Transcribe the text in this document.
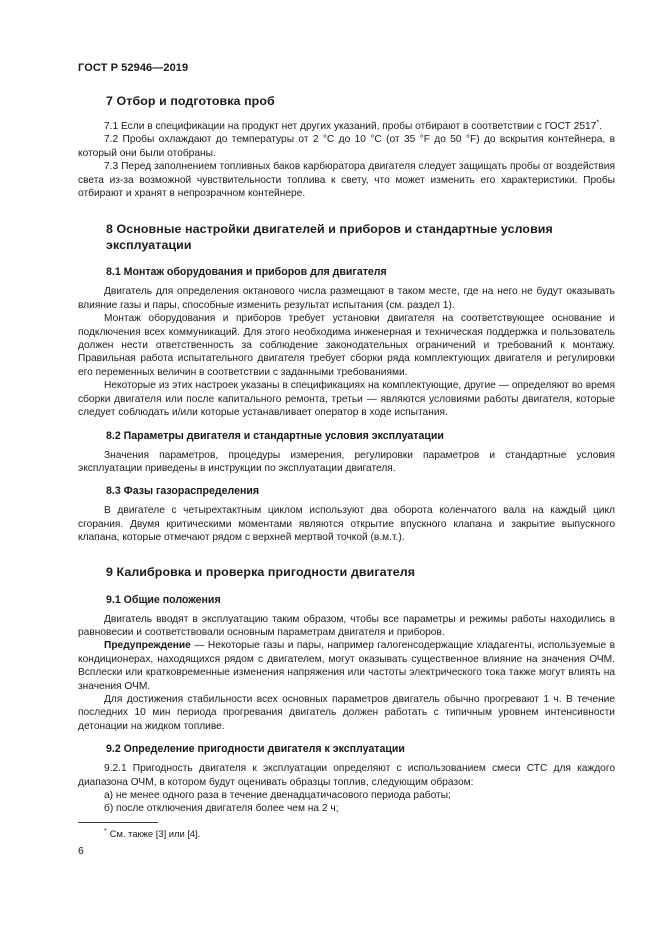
ГОСТ Р 52946—2019
7 Отбор и подготовка проб

7.1 Если в спецификации на продукт нет других указаний, пробы отбирают в соответствии с ГОСТ 2517*.

7.2 Пробы охлаждают до температуры от 2 °C до 10 °C (от 35 °F до 50 °F) до вскрытия контейнера, в который они были отобраны.

7.3 Перед заполнением топливных баков карбюратора двигателя следует защищать пробы от воздействия света из-за возможной чувствительности топлива к свету, что может изменить его характеристики. Пробы отбирают и хранят в непрозрачном контейнере.

8 Основные настройки двигателей и приборов и стандартные условия эксплуатации
8.1 Монтаж оборудования и приборов для двигателя

Двигатель для определения октанового числа размещают в таком месте, где на него не будут оказывать влияние газы и пары, способные изменить результат испытания (см. раздел 1).

Монтаж оборудования и приборов требует установки двигателя на соответствующее основание и подключения всех коммуникаций. Для этого необходима инженерная и техническая поддержка и пользователь должен нести ответственность за соблюдение законодательных ограничений и требований к монтажу. Правильная работа испытательного двигателя требует сборки ряда комплектующих двигателя и регулировки его переменных величин в соответствии с заданными требованиями.

Некоторые из этих настроек указаны в спецификациях на комплектующие, другие — определяют во время сборки двигателя или после капитального ремонта, третьи — являются условиями работы двигателя, которые следует соблюдать и/или которые устанавливает оператор в ходе испытания.

8.2 Параметры двигателя и стандартные условия эксплуатации

Значения параметров, процедуры измерения, регулировки параметров и стандартные условия эксплуатации приведены в инструкции по эксплуатации двигателя.

8.3 Фазы газораспределения

В двигателе с четырехтактным циклом используют два оборота коленчатого вала на каждый цикл сгорания. Двумя критическими моментами являются открытие впускного клапана и закрытие выпускного клапана, которые отмечают рядом с верхней мертвой точкой (в.м.т.).

9 Калибровка и проверка пригодности двигателя
9.1 Общие положения

Двигатель вводят в эксплуатацию таким образом, чтобы все параметры и режимы работы находились в равновесии и соответствовали основным параметрам двигателя и приборов.

Предупреждение — Некоторые газы и пары, например галогенсодержащие хладагенты, используемые в кондиционерах, находящихся рядом с двигателем, могут оказывать существенное влияние на значения ОЧМ. Всплески или кратковременные изменения напряжения или частоты электрического тока также могут влиять на значения ОЧМ.

Для достижения стабильности всех основных параметров двигатель обычно прогревают 1 ч. В течение последних 10 мин периода прогревания двигатель должен работать с типичным уровнем интенсивности детонации на жидком топливе.

9.2 Определение пригодности двигателя к эксплуатации

9.2.1 Пригодность двигателя к эксплуатации определяют с использованием смеси СТС для каждого диапазона ОЧМ, в котором будут оценивать образцы топлив, следующим образом:

а) не менее одного раза в течение двенадцатичасового периода работы;

б) после отключения двигателя более чем на 2 ч;

* См. также [3] или [4].
6
